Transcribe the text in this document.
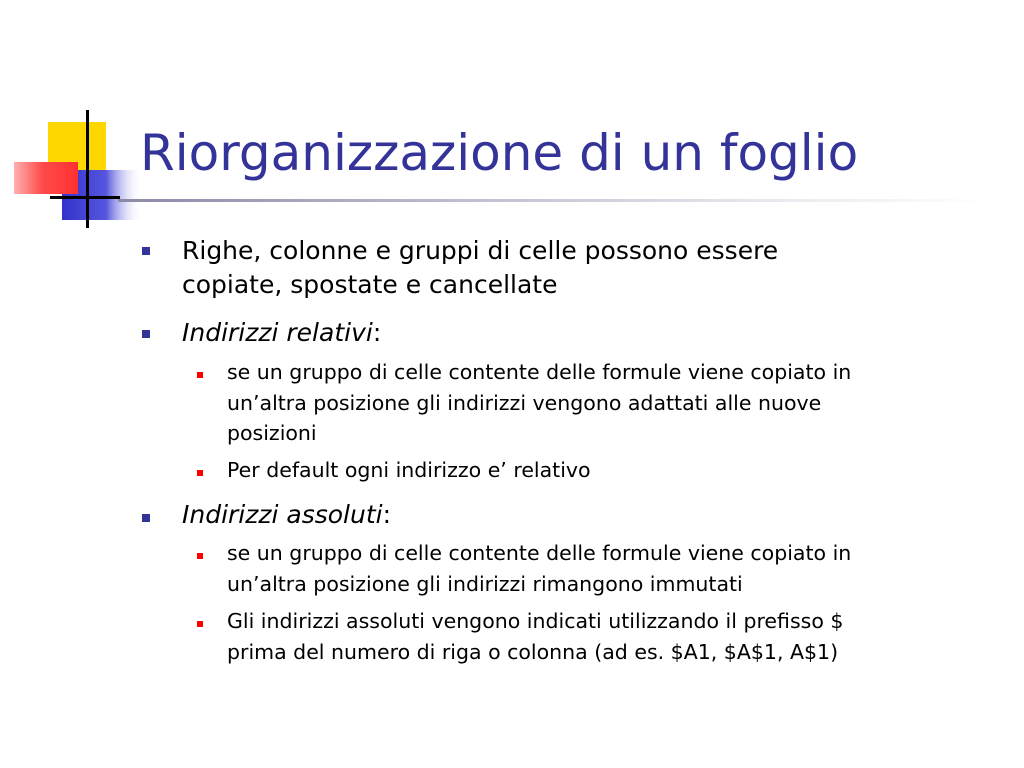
Riorganizzazione di un foglio
Righe, colonne e gruppi di celle possono essere
copiate, spostate e cancellate
Indirizzi relativi:
se un gruppo di celle contente delle formule viene copiato in
un’altra posizione gli indirizzi vengono adattati alle nuove
posizioni
Per default ogni indirizzo e’ relativo
Indirizzi assoluti:
se un gruppo di celle contente delle formule viene copiato in
un’altra posizione gli indirizzi rimangono immutati
Gli indirizzi assoluti vengono indicati utilizzando il prefisso $
prima del numero di riga o colonna (ad es. $A1, $A$1, A$1)
